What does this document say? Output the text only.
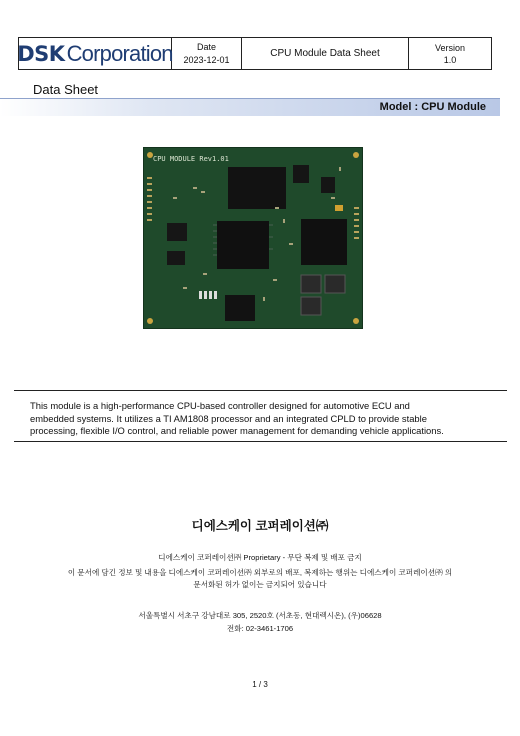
DSK Corporation	Date
2023-12-01
CPU Module Data Sheet
Version
1.0
Data Sheet
Model : CPU Module
CPU MODULE Rev1.01
This module is a high-performance CPU-based controller designed for automotive ECU and
embedded systems. It utilizes a TI AM1808 processor and an integrated CPLD to provide stable
processing, flexible I/O control, and reliable power management for demanding vehicle applications.
디에스케이 코퍼레이션㈜
디에스케이 코퍼레이션㈜ Proprietary - 무단 복제 및 배포 금지
이 문서에 담긴 정보 및 내용을 디에스케이 코퍼레이션㈜ 외부로의 배포, 복제하는 행위는 디에스케이 코퍼레이션㈜ 의
문서화된 허가 없이는 금지되어 있습니다
서울특별시 서초구 강남대로 305, 2520호 (서초동, 현대렉시온), (우)06628
전화: 02-3461-1706
1 / 3
